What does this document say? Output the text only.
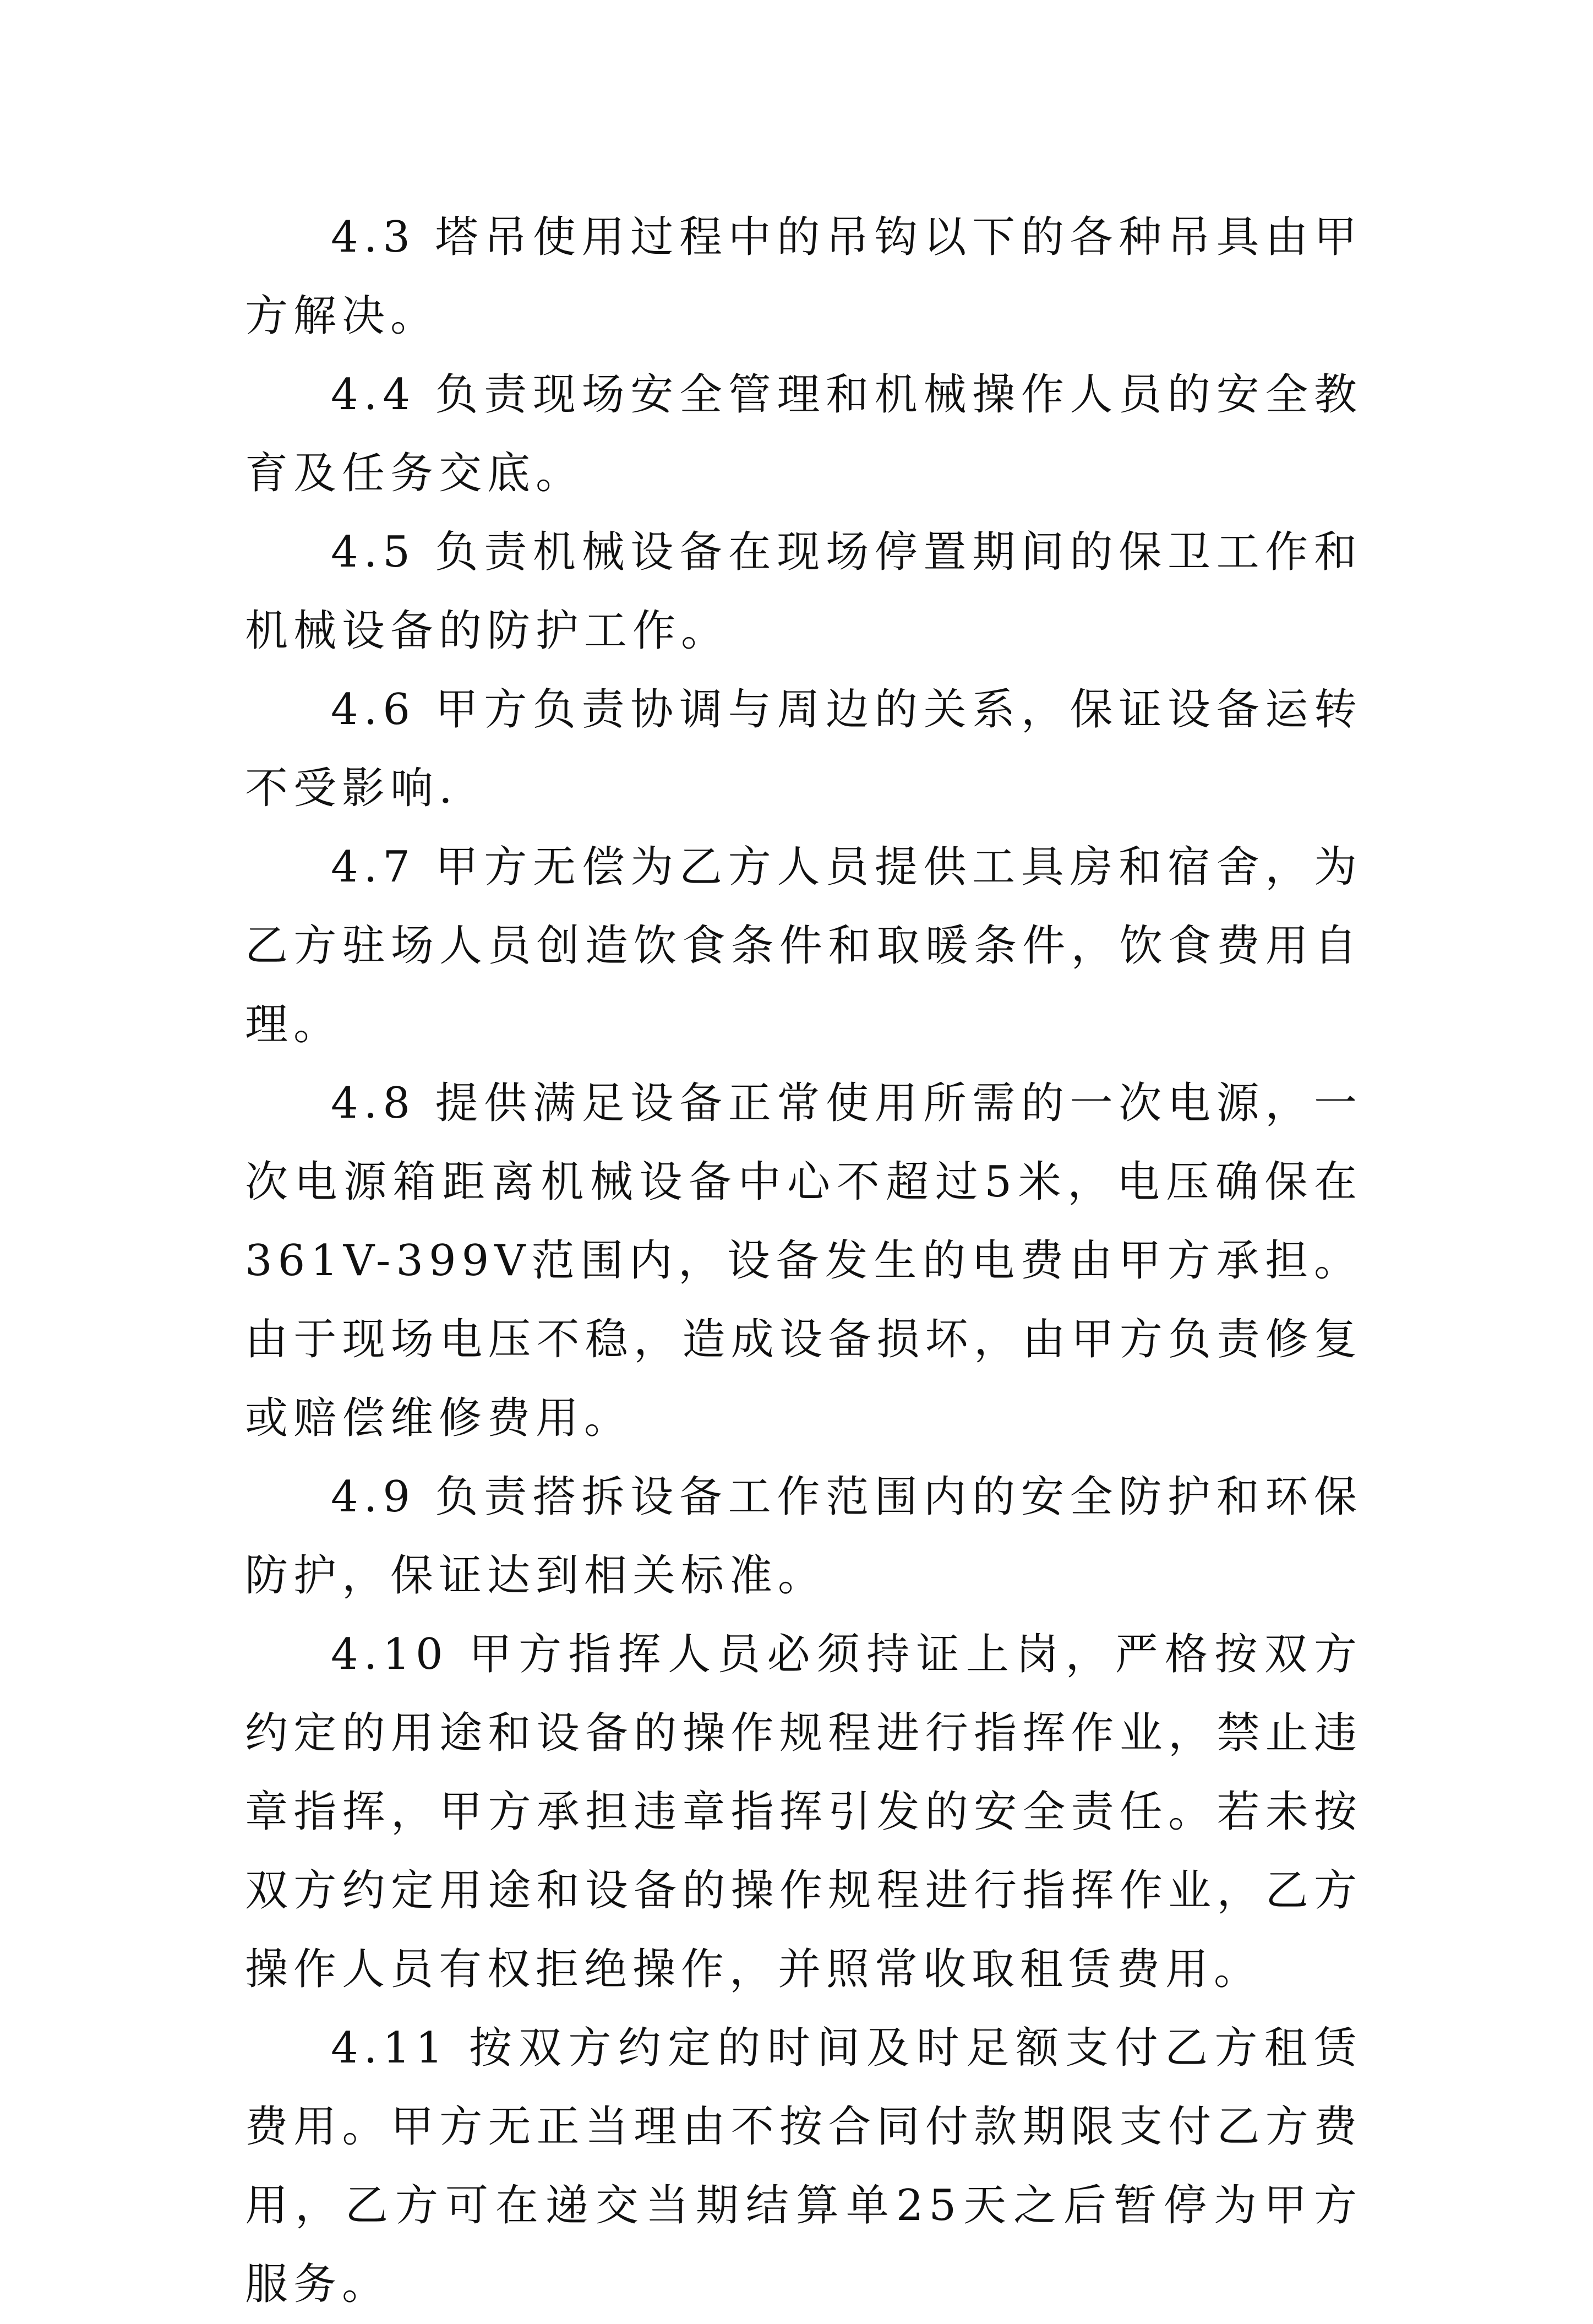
4.3 塔吊使用过程中的吊钩以下的各种吊具由甲方解决。

4.4 负责现场安全管理和机械操作人员的安全教育及任务交底。

4.5 负责机械设备在现场停置期间的保卫工作和机械设备的防护工作。

4.6 甲方负责协调与周边的关系，保证设备运转不受影响.

4.7 甲方无偿为乙方人员提供工具房和宿舍，为乙方驻场人员创造饮食条件和取暖条件，饮食费用自理。

4.8 提供满足设备正常使用所需的一次电源，一次电源箱距离机械设备中心不超过5米，电压确保在361V-399V范围内，设备发生的电费由甲方承担。由于现场电压不稳，造成设备损坏，由甲方负责修复或赔偿维修费用。

4.9 负责搭拆设备工作范围内的安全防护和环保防护，保证达到相关标准。

4.10 甲方指挥人员必须持证上岗，严格按双方约定的用途和设备的操作规程进行指挥作业，禁止违章指挥，甲方承担违章指挥引发的安全责任。若未按双方约定用途和设备的操作规程进行指挥作业，乙方操作人员有权拒绝操作，并照常收取租赁费用。

4.11 按双方约定的时间及时足额支付乙方租赁费用。甲方无正当理由不按合同付款期限支付乙方费用，乙方可在递交当期结算单25天之后暂停为甲方服务。
